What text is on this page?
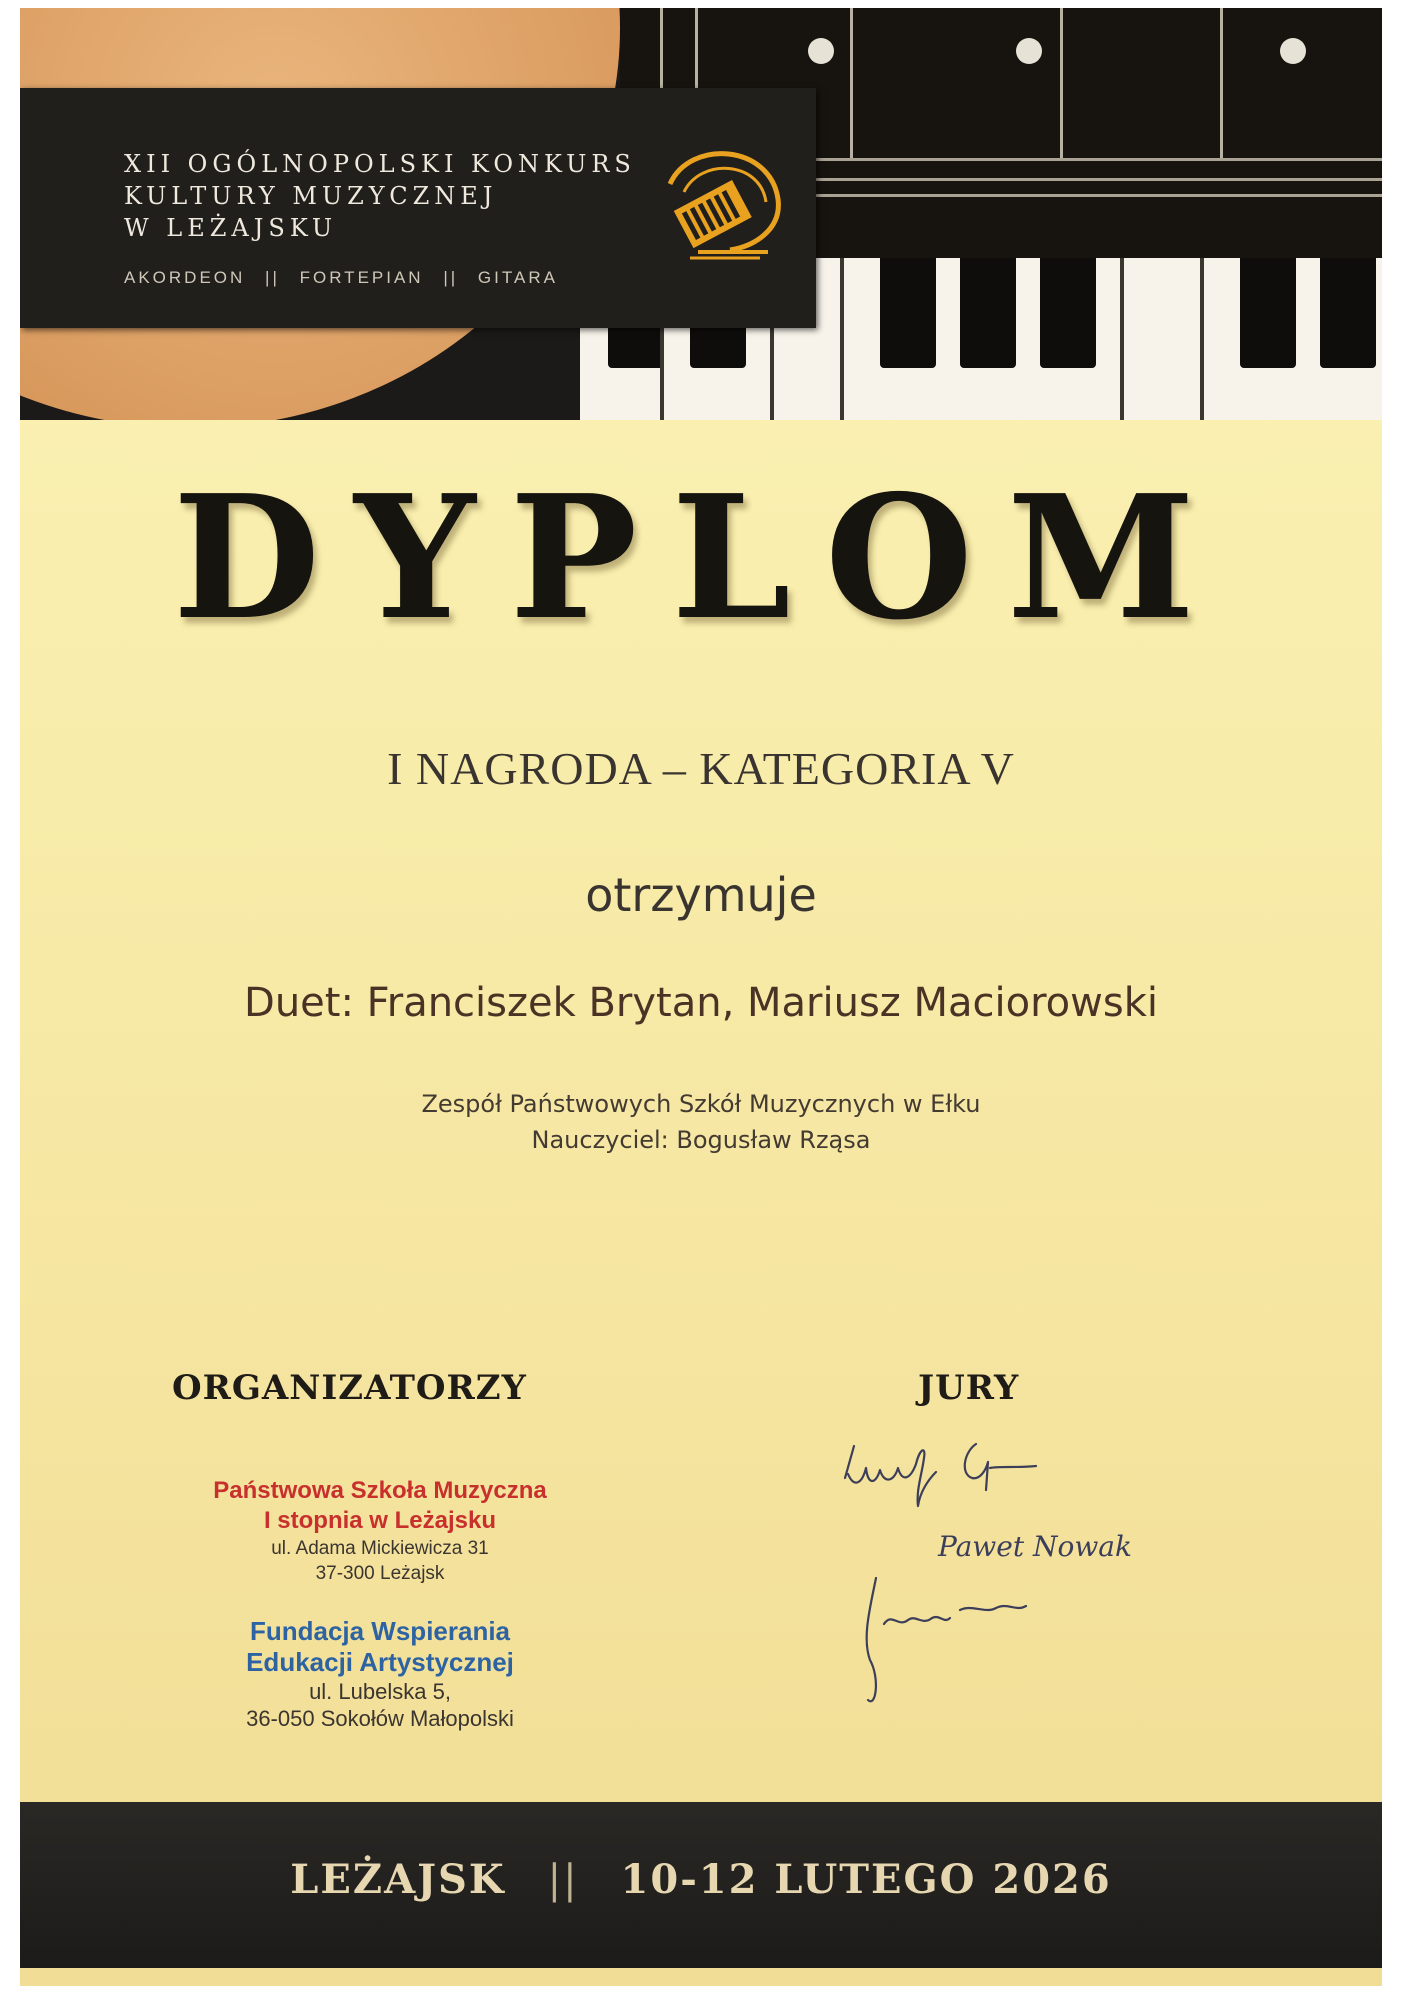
XII OGÓLNOPOLSKI KONKURS

KULTURY MUZYCZNEJ

W LEŻAJSKU

AKORDEON || FORTEPIAN || GITARA

DYPLOM

I NAGRODA – KATEGORIA V

otrzymuje

Duet: Franciszek Brytan, Mariusz Maciorowski

Zespół Państwowych Szkół Muzycznych w Ełku

Nauczyciel: Bogusław Rząsa

ORGANIZATORZY

Państwowa Szkoła Muzyczna

I stopnia w Leżajsku

ul. Adama Mickiewicza 31

37-300 Leżajsk

Fundacja Wspierania

Edukacji Artystycznej

ul. Lubelska 5,

36-050 Sokołów Małopolski

JURY
Pawet Nowak

LEŻAJSK || 10-12 LUTEGO 2026
